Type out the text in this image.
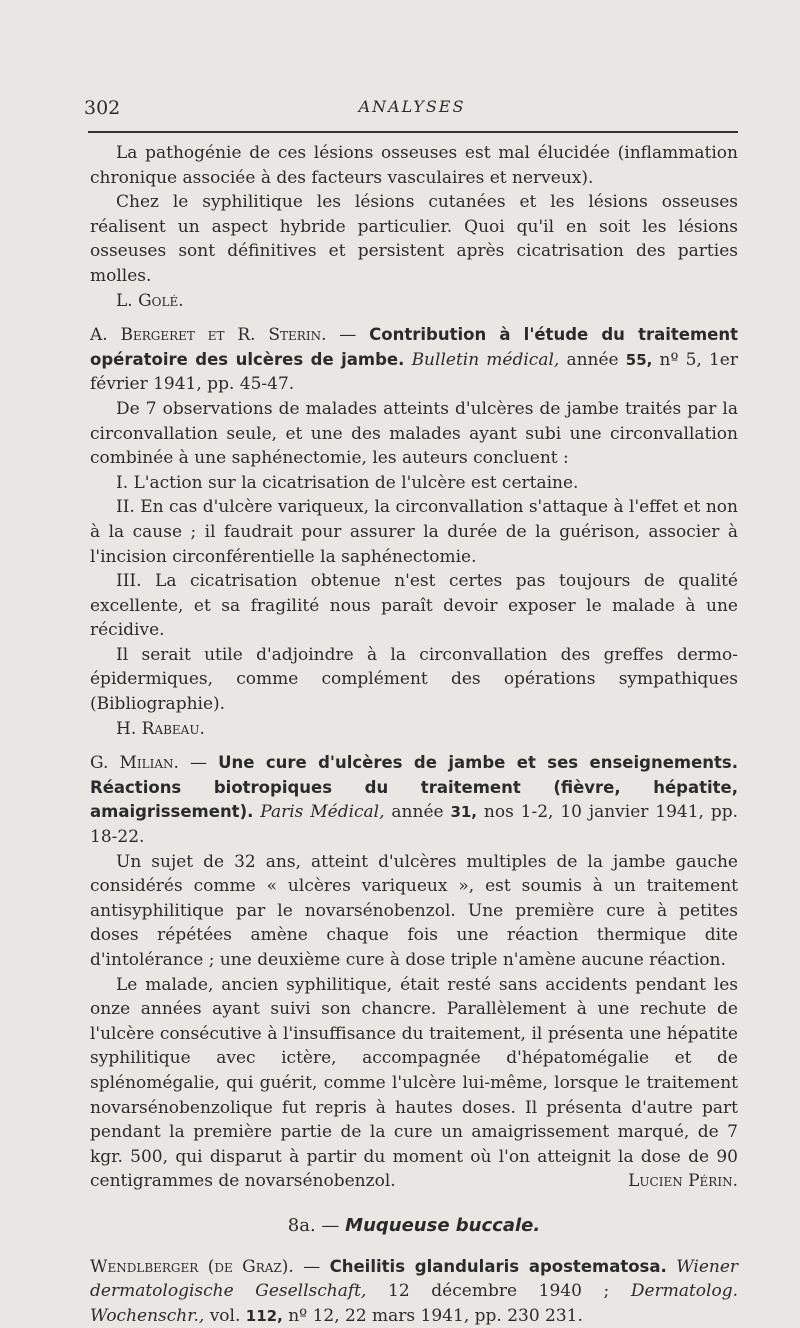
302	ANALYSES

La pathogénie de ces lésions osseuses est mal élucidée (inflammation chronique associée à des facteurs vasculaires et nerveux).

Chez le syphilitique les lésions cutanées et les lésions osseuses réalisent un aspect hybride particulier. Quoi qu'il en soit les lésions osseuses sont définitives et persistent après cicatrisation des parties molles.

L. Golé.

A. Bergeret et R. Sterin. — Contribution à l'étude du traitement opératoire des ulcères de jambe. Bulletin médical, année 55, nº 5, 1er février 1941, pp. 45-47.

De 7 observations de malades atteints d'ulcères de jambe traités par la circonvallation seule, et une des malades ayant subi une circonvallation combinée à une saphénectomie, les auteurs concluent :

I. L'action sur la cicatrisation de l'ulcère est certaine.

II. En cas d'ulcère variqueux, la circonvallation s'attaque à l'effet et non à la cause ; il faudrait pour assurer la durée de la guérison, associer à l'incision circonférentielle la saphénectomie.

III. La cicatrisation obtenue n'est certes pas toujours de qualité excellente, et sa fragilité nous paraît devoir exposer le malade à une récidive.

Il serait utile d'adjoindre à la circonvallation des greffes dermo-épidermiques, comme complément des opérations sympathiques (Bibliographie).

H. Rabeau.

G. Milian. — Une cure d'ulcères de jambe et ses enseignements. Réactions biotropiques du traitement (fièvre, hépatite, amaigrissement). Paris Médical, année 31, nos 1-2, 10 janvier 1941, pp. 18-22.

Un sujet de 32 ans, atteint d'ulcères multiples de la jambe gauche considérés comme « ulcères variqueux », est soumis à un traitement antisyphilitique par le novarsénobenzol. Une première cure à petites doses répétées amène chaque fois une réaction thermique dite d'intolérance ; une deuxième cure à dose triple n'amène aucune réaction.

Le malade, ancien syphilitique, était resté sans accidents pendant les onze années ayant suivi son chancre. Parallèlement à une rechute de l'ulcère consécutive à l'insuffisance du traitement, il présenta une hépatite syphilitique avec ictère, accompagnée d'hépatomégalie et de splénomégalie, qui guérit, comme l'ulcère lui-même, lorsque le traitement novarsénobenzolique fut repris à hautes doses. Il présenta d'autre part pendant la première partie de la cure un amaigrissement marqué, de 7 kgr. 500, qui disparut à partir du moment où l'on atteignit la dose de 90 centigrammes de novarsénobenzol.	Lucien Périn.

8a. — Muqueuse buccale.

Wendlberger (de Graz). — Cheilitis glandularis apostematosa. Wiener dermatologische Gesellschaft, 12 décembre 1940 ; Dermatolog. Wochenschr., vol. 112, nº 12, 22 mars 1941, pp. 230 231.
